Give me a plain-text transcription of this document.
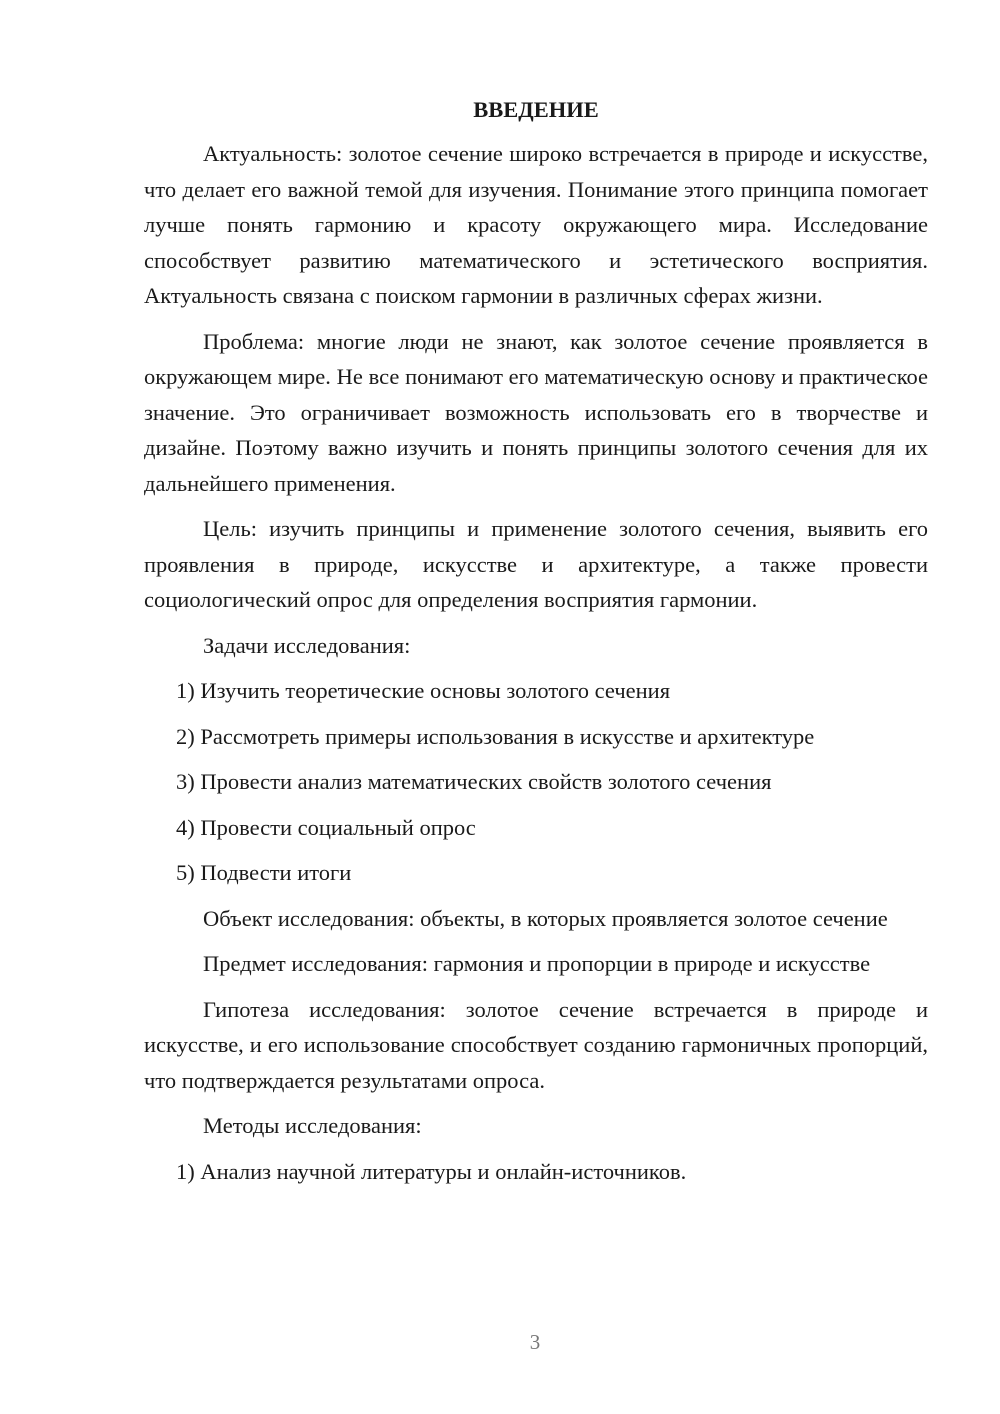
ВВЕДЕНИЕ
Актуальность: золотое сечение широко встречается в природе и искусстве, что делает его важной темой для изучения. Понимание этого принципа помогает лучше понять гармонию и красоту окружающего мира. Исследование способствует развитию математического и эстетического восприятия. Актуальность связана с поиском гармонии в различных сферах жизни.
Проблема: многие люди не знают, как золотое сечение проявляется в окружающем мире. Не все понимают его математическую основу и практическое значение. Это ограничивает возможность использовать его в творчестве и дизайне. Поэтому важно изучить и понять принципы золотого сечения для их дальнейшего применения.
Цель: изучить принципы и применение золотого сечения, выявить его проявления в природе, искусстве и архитектуре, а также провести социологический опрос для определения восприятия гармонии.
Задачи исследования:
1) Изучить теоретические основы золотого сечения
2) Рассмотреть примеры использования в искусстве и архитектуре
3) Провести анализ математических свойств золотого сечения
4) Провести социальный опрос
5) Подвести итоги
Объект исследования: объекты, в которых проявляется золотое сечение
Предмет исследования: гармония и пропорции в природе и искусстве
Гипотеза исследования: золотое сечение встречается в природе и искусстве, и его использование способствует созданию гармоничных пропорций, что подтверждается результатами опроса.
Методы исследования:
1) Анализ научной литературы и онлайн-источников.
3
